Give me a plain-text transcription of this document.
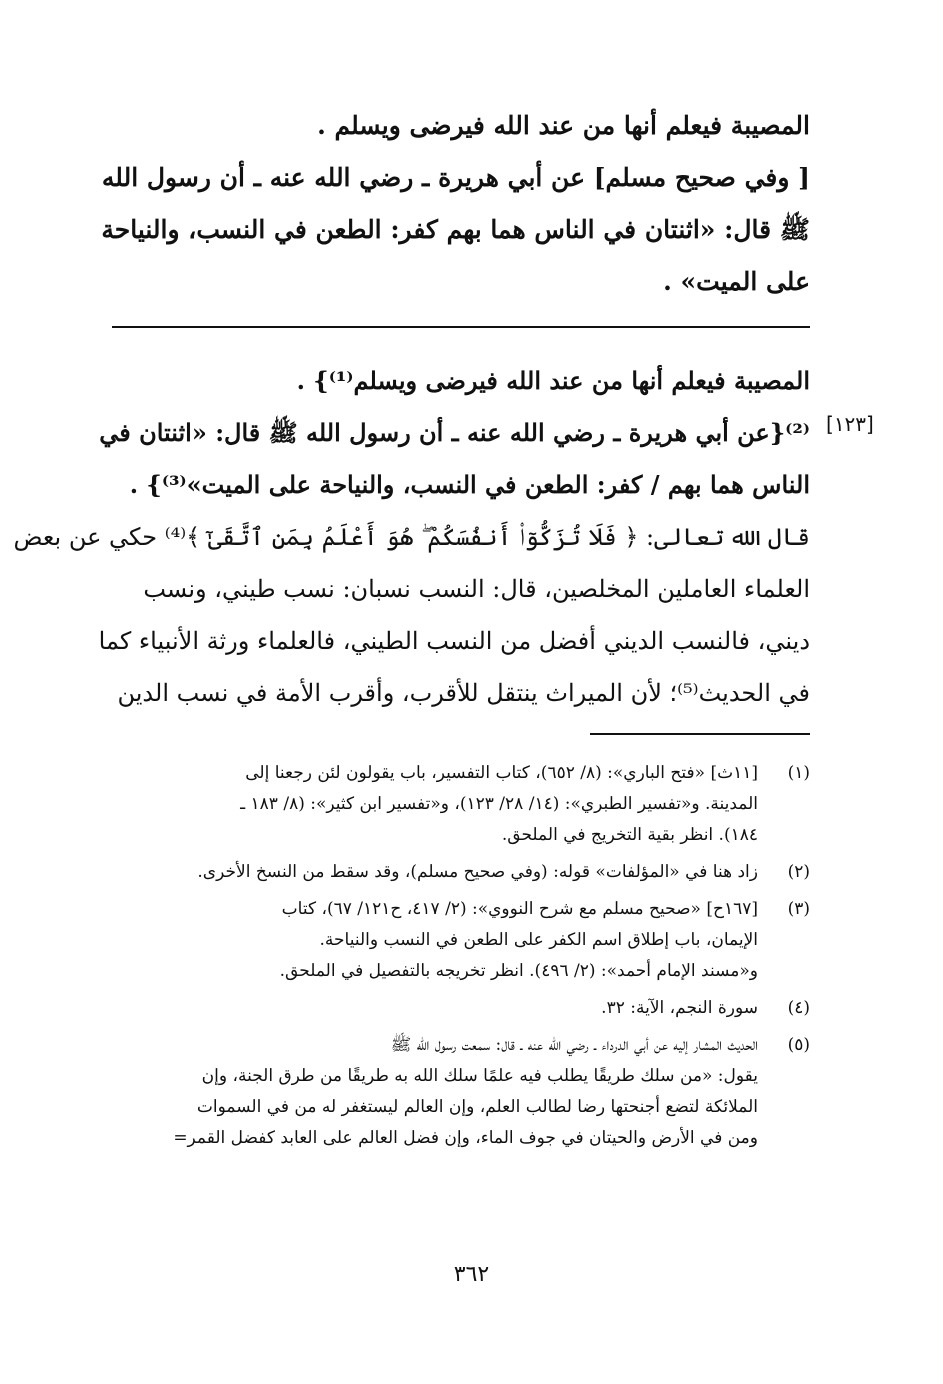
المصيبة فيعلم أنها من عند الله فيرضى ويسلم .
[ وفي صحيح مسلم] عن أبي هريرة ـ رضي الله عنه ـ أن رسول الله
ﷺ قال: «اثنتان في الناس هما بهم كفر: الطعن في النسب، والنياحة
على الميت» .
[١٢٣]
المصيبة فيعلم أنها من عند الله فيرضى ويسلم⁽¹⁾} .
⁽²⁾{عن أبي هريرة ـ رضي الله عنه ـ أن رسول الله ﷺ قال: «اثنتان في
الناس هما بهم / كفر: الطعن في النسب، والنياحة على الميت»⁽³⁾} .
قال الله تعالى: ﴿ فَلَا تُزَكُّوٓا۟ أَنفُسَكُمْ ۖ هُوَ أَعْلَمُ بِمَنِ ٱتَّقَىٰٓ ﴾⁽⁴⁾ حكي عن بعض
العلماء العاملين المخلصين، قال: النسب نسبان: نسب طيني، ونسب
ديني، فالنسب الديني أفضل من النسب الطيني، فالعلماء ورثة الأنبياء كما
في الحديث⁽⁵⁾؛ لأن الميراث ينتقل للأقرب، وأقرب الأمة في نسب الدين
(١)
[١١ث] «فتح الباري»: (٨/ ٦٥٢)، كتاب التفسير، باب يقولون لئن رجعنا إلى
المدينة. و«تفسير الطبري»: (١٤/ ٢٨/ ١٢٣)، و«تفسير ابن كثير»: (٨/ ١٨٣ ـ
١٨٤). انظر بقية التخريج في الملحق.
(٢)
زاد هنا في «المؤلفات» قوله: (وفي صحيح مسلم)، وقد سقط من النسخ الأخرى.
(٣)
[١٦٧ح] «صحيح مسلم مع شرح النووي»: (٢/ ٤١٧، ح١٢١/ ٦٧)، كتاب
الإيمان، باب إطلاق اسم الكفر على الطعن في النسب والنياحة.
و«مسند الإمام أحمد»: (٢/ ٤٩٦). انظر تخريجه بالتفصيل في الملحق.
(٤)
سورة النجم، الآية: ٣٢.
(٥)
الحديث المشار إليه عن أبي الدرداء ـ رضي الله عنه ـ قال: سمعت رسول الله ﷺ
يقول: «من سلك طريقًا يطلب فيه علمًا سلك الله به طريقًا من طرق الجنة، وإن
الملائكة لتضع أجنحتها رضا لطالب العلم، وإن العالم ليستغفر له من في السموات
ومن في الأرض والحيتان في جوف الماء، وإن فضل العالم على العابد كفضل القمر=
٣٦٢
